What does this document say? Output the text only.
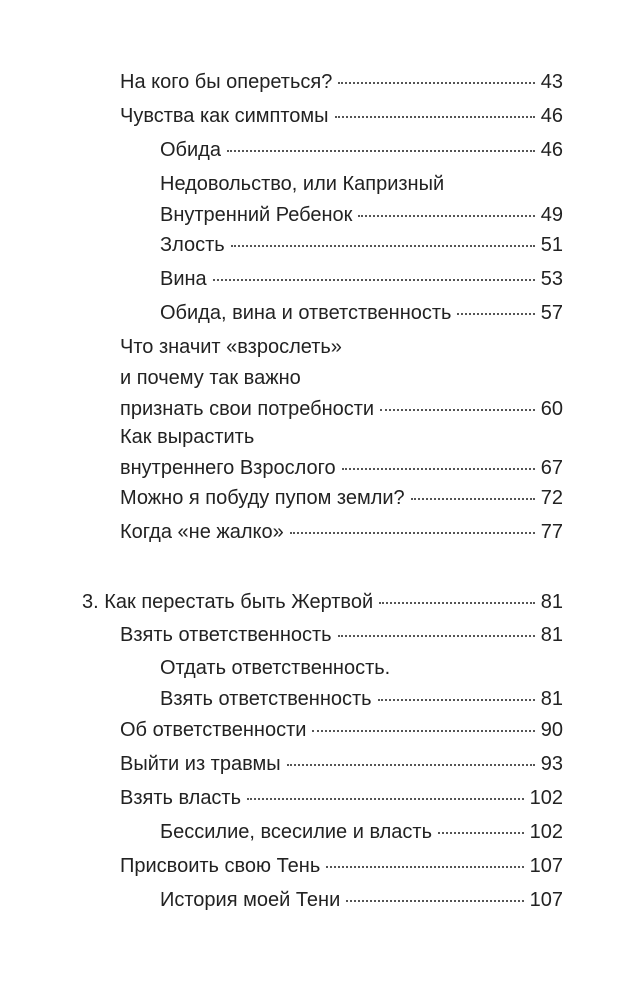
На кого бы опереться?	43
Чувства как симптомы	46
Обида	46
Недовольство, или Капризный
Внутренний Ребенок	49
Злость	51
Вина	53
Обида, вина и ответственность	57
Что значит «взрослеть»
и почему так важно
признать свои потребности	60
Как вырастить
внутреннего Взрослого	67
Можно я побуду пупом земли?	72
Когда «не жалко»	77
3. Как перестать быть Жертвой	81
Взять ответственность	81
Отдать ответственность.
Взять ответственность	81
Об ответственности	90
Выйти из травмы	93
Взять власть	102
Бессилие, всесилие и власть	102
Присвоить свою Тень	107
История моей Тени	107
